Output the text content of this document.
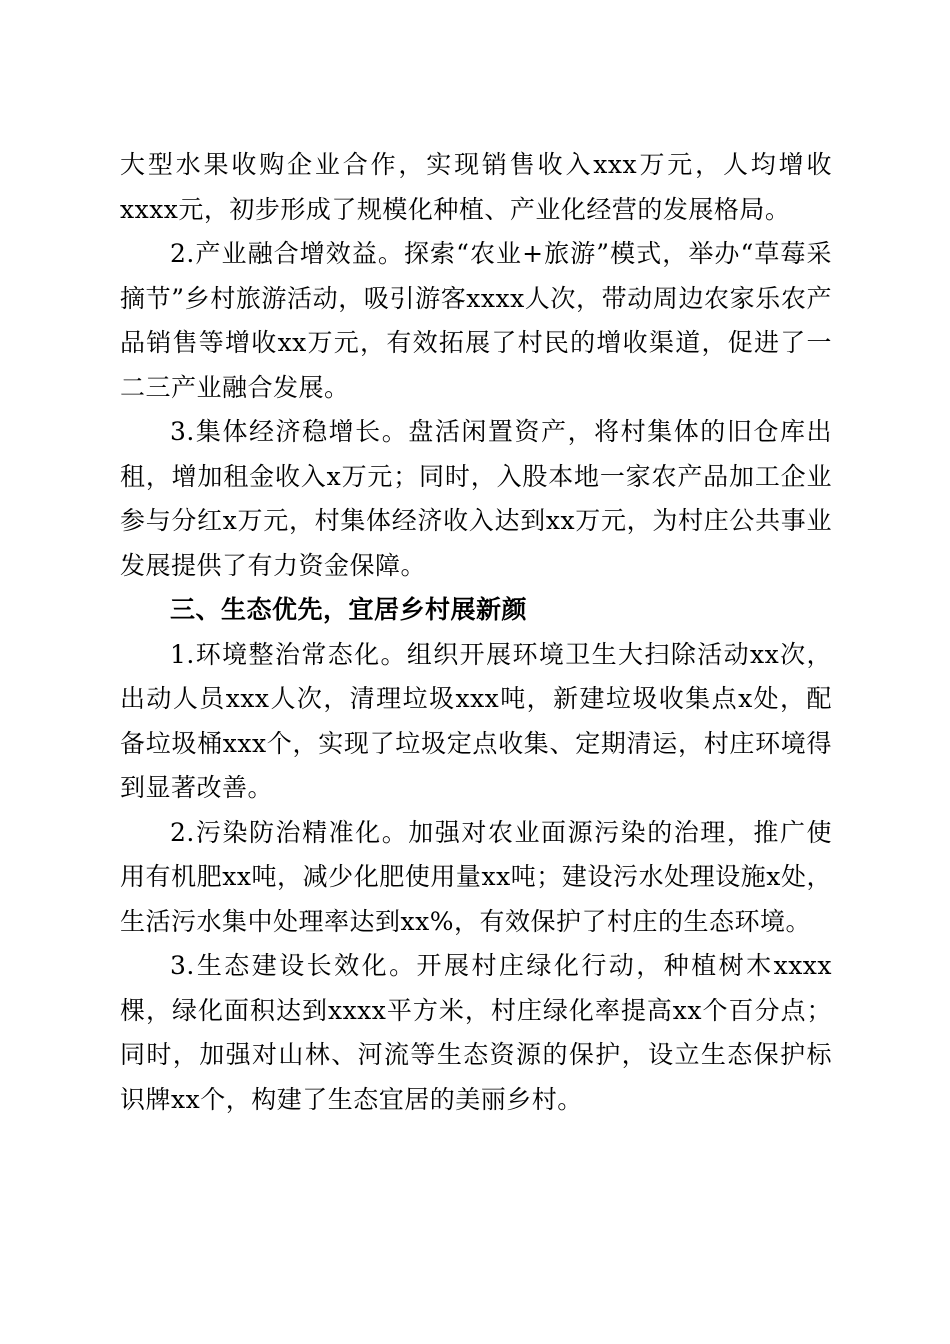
大型水果收购企业合作，实现销售收入xxx万元，人均增收xxxx元，初步形成了规模化种植、产业化经营的发展格局。

2.产业融合增效益。探索“农业+旅游”模式，举办“草莓采摘节”乡村旅游活动，吸引游客xxxx人次，带动周边农家乐农产品销售等增收xx万元，有效拓展了村民的增收渠道，促进了一二三产业融合发展。

3.集体经济稳增长。盘活闲置资产，将村集体的旧仓库出租，增加租金收入x万元；同时，入股本地一家农产品加工企业参与分红x万元，村集体经济收入达到xx万元，为村庄公共事业发展提供了有力资金保障。

三、生态优先，宜居乡村展新颜

1.环境整治常态化。组织开展环境卫生大扫除活动xx次，出动人员xxx人次，清理垃圾xxx吨，新建垃圾收集点x处，配备垃圾桶xxx个，实现了垃圾定点收集、定期清运，村庄环境得到显著改善。

2.污染防治精准化。加强对农业面源污染的治理，推广使用有机肥xx吨，减少化肥使用量xx吨；建设污水处理设施x处，生活污水集中处理率达到xx%，有效保护了村庄的生态环境。

3.生态建设长效化。开展村庄绿化行动，种植树木xxxx棵，绿化面积达到xxxx平方米，村庄绿化率提高xx个百分点；同时，加强对山林、河流等生态资源的保护，设立生态保护标识牌xx个，构建了生态宜居的美丽乡村。
